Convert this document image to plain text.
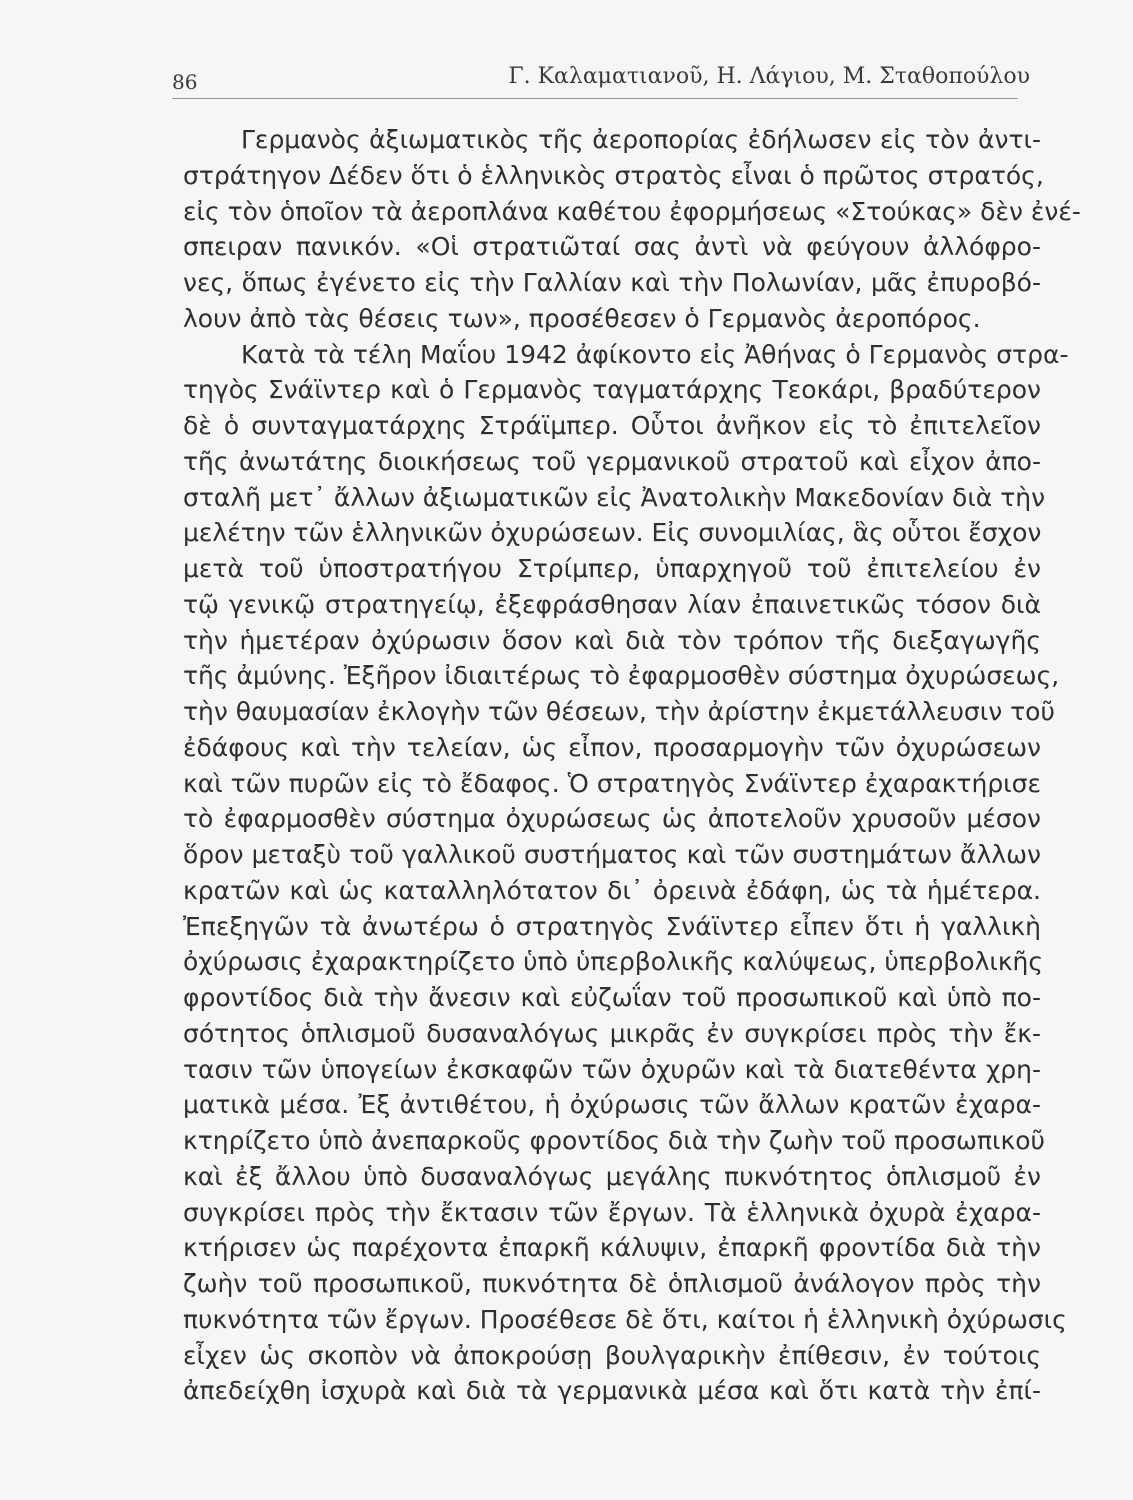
86	Γ. Καλαματιανοῦ, Η. Λάγιου, Μ. Σταθοπούλου
Γερμανὸς ἀξιωματικὸς τῆς ἀεροπορίας ἐδήλωσεν εἰς τὸν ἀντι-
στράτηγον Δέδεν ὅτι ὁ ἑλληνικὸς στρατὸς εἶναι ὁ πρῶτος στρατός,
εἰς τὸν ὁποῖον τὰ ἀεροπλάνα καθέτου ἐφορμήσεως «Στούκας» δὲν ἐνέ-
σπειραν πανικόν. «Οἱ στρατιῶταί σας ἀντὶ νὰ φεύγουν ἀλλόφρο-
νες, ὅπως ἐγένετο εἰς τὴν Γαλλίαν καὶ τὴν Πολωνίαν, μᾶς ἐπυροβό-
λουν ἀπὸ τὰς θέσεις των», προσέθεσεν ὁ Γερμανὸς ἀεροπόρος.
Κατὰ τὰ τέλη Μαΐου 1942 ἀφίκοντο εἰς Ἀθήνας ὁ Γερμανὸς στρα-
τηγὸς Σνάϊντερ καὶ ὁ Γερμανὸς ταγματάρχης Τεοκάρι, βραδύτερον
δὲ ὁ συνταγματάρχης Στράϊμπερ. Οὗτοι ἀνῆκον εἰς τὸ ἐπιτελεῖον
τῆς ἀνωτάτης διοικήσεως τοῦ γερμανικοῦ στρατοῦ καὶ εἶχον ἀπο-
σταλῆ μετ᾽ ἄλλων ἀξιωματικῶν εἰς Ἀνατολικὴν Μακεδονίαν διὰ τὴν
μελέτην τῶν ἑλληνικῶν ὀχυρώσεων. Εἰς συνομιλίας, ἃς οὗτοι ἔσχον
μετὰ τοῦ ὑποστρατήγου Στρίμπερ, ὑπαρχηγοῦ τοῦ ἐπιτελείου ἐν
τῷ γενικῷ στρατηγείῳ, ἐξεφράσθησαν λίαν ἐπαινετικῶς τόσον διὰ
τὴν ἡμετέραν ὀχύρωσιν ὅσον καὶ διὰ τὸν τρόπον τῆς διεξαγωγῆς
τῆς ἀμύνης. Ἐξῆρον ἰδιαιτέρως τὸ ἐφαρμοσθὲν σύστημα ὀχυρώσεως,
τὴν θαυμασίαν ἐκλογὴν τῶν θέσεων, τὴν ἀρίστην ἐκμετάλλευσιν τοῦ
ἐδάφους καὶ τὴν τελείαν, ὡς εἶπον, προσαρμογὴν τῶν ὀχυρώσεων
καὶ τῶν πυρῶν εἰς τὸ ἔδαφος. Ὁ στρατηγὸς Σνάϊντερ ἐχαρακτήρισε
τὸ ἐφαρμοσθὲν σύστημα ὀχυρώσεως ὡς ἀποτελοῦν χρυσοῦν μέσον
ὅρον μεταξὺ τοῦ γαλλικοῦ συστήματος καὶ τῶν συστημάτων ἄλλων
κρατῶν καὶ ὡς καταλληλότατον δι᾽ ὀρεινὰ ἐδάφη, ὡς τὰ ἡμέτερα.
Ἐπεξηγῶν τὰ ἀνωτέρω ὁ στρατηγὸς Σνάϊντερ εἶπεν ὅτι ἡ γαλλικὴ
ὀχύρωσις ἐχαρακτηρίζετο ὑπὸ ὑπερβολικῆς καλύψεως, ὑπερβολικῆς
φροντίδος διὰ τὴν ἄνεσιν καὶ εὐζωΐαν τοῦ προσωπικοῦ καὶ ὑπὸ πο-
σότητος ὁπλισμοῦ δυσαναλόγως μικρᾶς ἐν συγκρίσει πρὸς τὴν ἔκ-
τασιν τῶν ὑπογείων ἐκσκαφῶν τῶν ὀχυρῶν καὶ τὰ διατεθέντα χρη-
ματικὰ μέσα. Ἐξ ἀντιθέτου, ἡ ὀχύρωσις τῶν ἄλλων κρατῶν ἐχαρα-
κτηρίζετο ὑπὸ ἀνεπαρκοῦς φροντίδος διὰ τὴν ζωὴν τοῦ προσωπικοῦ
καὶ ἐξ ἄλλου ὑπὸ δυσαναλόγως μεγάλης πυκνότητος ὁπλισμοῦ ἐν
συγκρίσει πρὸς τὴν ἔκτασιν τῶν ἔργων. Τὰ ἑλληνικὰ ὀχυρὰ ἐχαρα-
κτήρισεν ὡς παρέχοντα ἐπαρκῆ κάλυψιν, ἐπαρκῆ φροντίδα διὰ τὴν
ζωὴν τοῦ προσωπικοῦ, πυκνότητα δὲ ὁπλισμοῦ ἀνάλογον πρὸς τὴν
πυκνότητα τῶν ἔργων. Προσέθεσε δὲ ὅτι, καίτοι ἡ ἑλληνικὴ ὀχύρωσις
εἶχεν ὡς σκοπὸν νὰ ἀποκρούσῃ βουλγαρικὴν ἐπίθεσιν, ἐν τούτοις
ἀπεδείχθη ἰσχυρὰ καὶ διὰ τὰ γερμανικὰ μέσα καὶ ὅτι κατὰ τὴν ἐπί-
